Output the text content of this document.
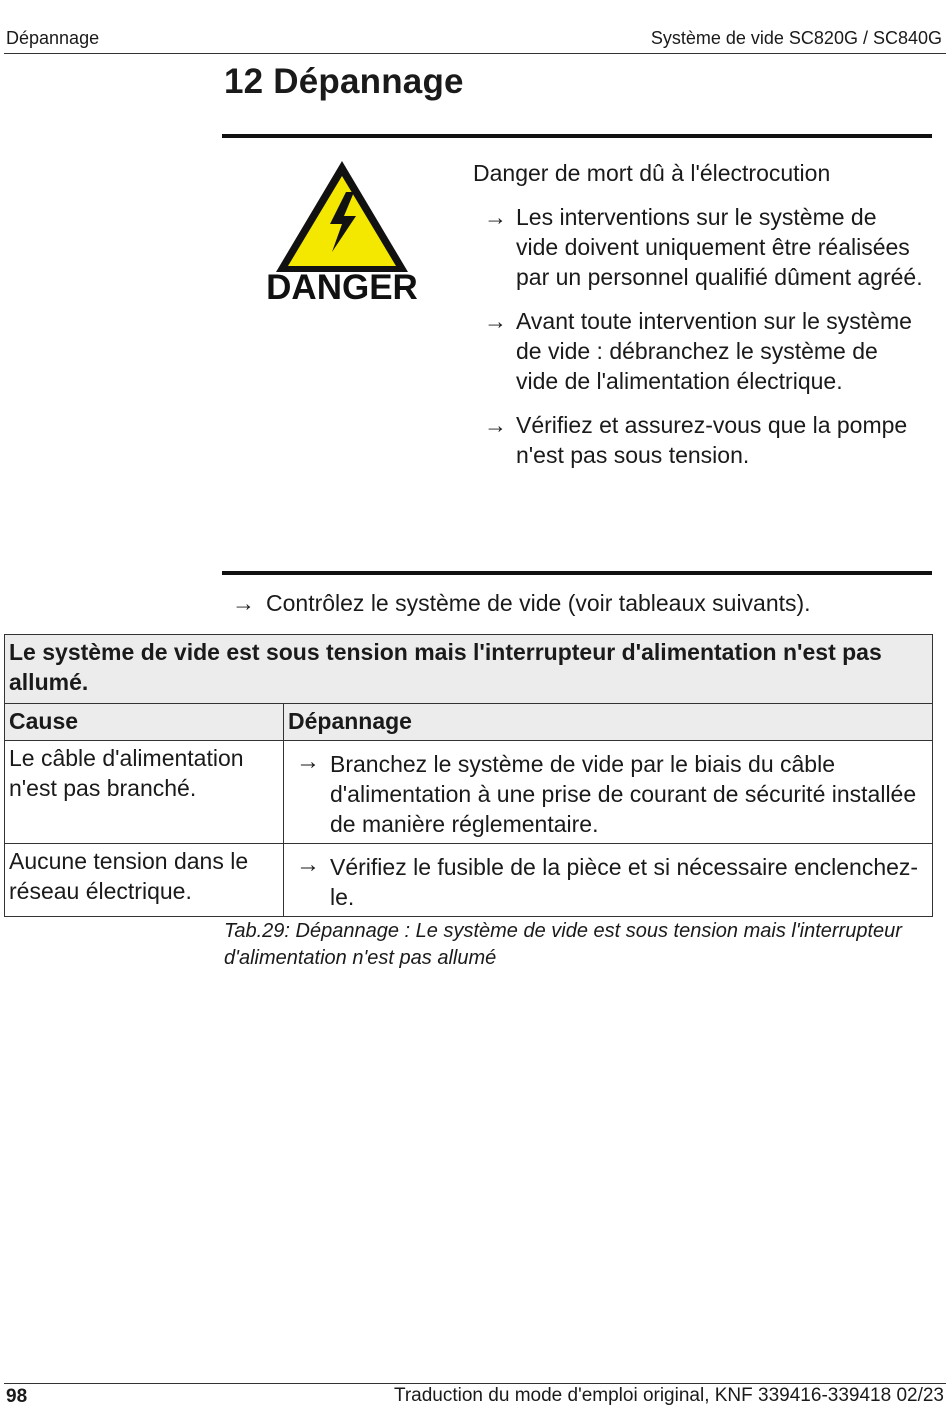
Dépannage	Système de vide SC820G / SC840G
12 Dépannage
DANGER
Danger de mort dû à l'électrocution
→ Les interventions sur le système de vide doivent uniquement être réalisées par un personnel qualifié dûment agréé.
→ Avant toute intervention sur le système de vide : débranchez le système de vide de l'alimentation électrique.
→ Vérifiez et assurez-vous que la pompe n'est pas sous tension.
→ Contrôlez le système de vide (voir tableaux suivants).
Le système de vide est sous tension mais l'interrupteur d'alimentation n'est pas allumé.	
Cause	Dépannage
Le câble d'alimentation n'est pas branché.	→ Branchez le système de vide par le biais du câble d'alimentation à une prise de courant de sécurité installée de manière réglementaire.

Aucune tension dans le réseau électrique.	→ Vérifiez le fusible de la pièce et si nécessaire enclenchez-le.
Tab.29: Dépannage : Le système de vide est sous tension mais l'interrupteur d'alimentation n'est pas allumé
98	Traduction du mode d'emploi original, KNF 339416-339418 02/23
